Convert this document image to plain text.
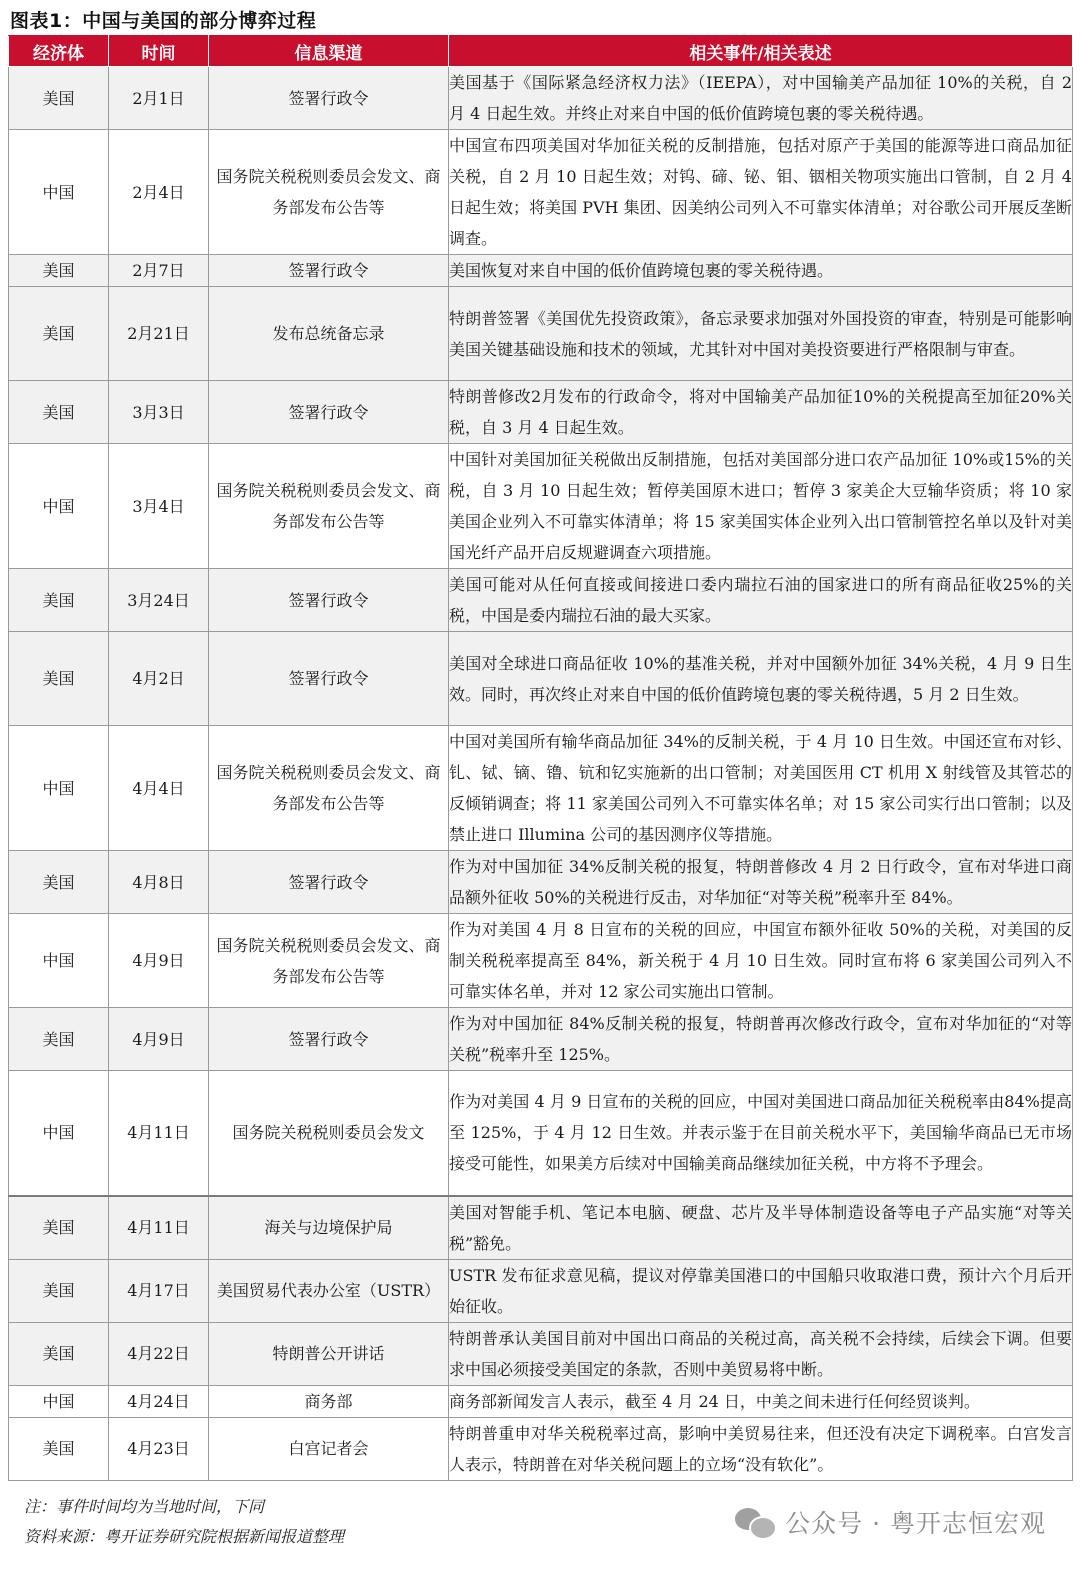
图表1：中国与美国的部分博弈过程
经济体	时间	信息渠道	相关事件/相关表述
美国	2月1日	签署行政令	美国基于《国际紧急经济权力法》（IEEPA），对中国输美产品加征 10%的关税，自 2 月 4 日起生效。并终止对来自中国的低价值跨境包裹的零关税待遇。
中国	2月4日	国务院关税税则委员会发文、商务部发布公告等	中国宣布四项美国对华加征关税的反制措施，包括对原产于美国的能源等进口商品加征关税，自 2 月 10 日起生效；对钨、碲、铋、钼、铟相关物项实施出口管制，自 2 月 4 日起生效；将美国 PVH 集团、因美纳公司列入不可靠实体清单；对谷歌公司开展反垄断调查。
美国	2月7日	签署行政令	美国恢复对来自中国的低价值跨境包裹的零关税待遇。
美国	2月21日	发布总统备忘录	特朗普签署《美国优先投资政策》，备忘录要求加强对外国投资的审查，特别是可能影响美国关键基础设施和技术的领域，尤其针对中国对美投资要进行严格限制与审查。
美国	3月3日	签署行政令	特朗普修改2月发布的行政命令，将对中国输美产品加征10%的关税提高至加征20%关税，自 3 月 4 日起生效。
中国	3月4日	国务院关税税则委员会发文、商务部发布公告等	中国针对美国加征关税做出反制措施，包括对美国部分进口农产品加征 10%或15%的关税，自 3 月 10 日起生效；暂停美国原木进口；暂停 3 家美企大豆输华资质；将 10 家美国企业列入不可靠实体清单；将 15 家美国实体企业列入出口管制管控名单以及针对美国光纤产品开启反规避调查六项措施。
美国	3月24日	签署行政令	美国可能对从任何直接或间接进口委内瑞拉石油的国家进口的所有商品征收25%的关税，中国是委内瑞拉石油的最大买家。
美国	4月2日	签署行政令	美国对全球进口商品征收 10%的基准关税，并对中国额外加征 34%关税，4 月 9 日生效。同时，再次终止对来自中国的低价值跨境包裹的零关税待遇，5 月 2 日生效。
中国	4月4日	国务院关税税则委员会发文、商务部发布公告等	中国对美国所有输华商品加征 34%的反制关税，于 4 月 10 日生效。中国还宣布对钐、钆、铽、镝、镥、钪和钇实施新的出口管制；对美国医用 CT 机用 X 射线管及其管芯的反倾销调查；将 11 家美国公司列入不可靠实体名单；对 15 家公司实行出口管制；以及禁止进口 Illumina 公司的基因测序仪等措施。
美国	4月8日	签署行政令	作为对中国加征 34%反制关税的报复，特朗普修改 4 月 2 日行政令，宣布对华进口商品额外征收 50%的关税进行反击，对华加征“对等关税”税率升至 84%。
中国	4月9日	国务院关税税则委员会发文、商务部发布公告等	作为对美国 4 月 8 日宣布的关税的回应，中国宣布额外征收 50%的关税，对美国的反制关税税率提高至 84%，新关税于 4 月 10 日生效。同时宣布将 6 家美国公司列入不可靠实体名单，并对 12 家公司实施出口管制。
美国	4月9日	签署行政令	作为对中国加征 84%反制关税的报复，特朗普再次修改行政令，宣布对华加征的“对等关税”税率升至 125%。
中国	4月11日	国务院关税税则委员会发文	作为对美国 4 月 9 日宣布的关税的回应，中国对美国进口商品加征关税税率由84%提高至 125%，于 4 月 12 日生效。并表示鉴于在目前关税水平下，美国输华商品已无市场接受可能性，如果美方后续对中国输美商品继续加征关税，中方将不予理会。
美国	4月11日	海关与边境保护局	美国对智能手机、笔记本电脑、硬盘、芯片及半导体制造设备等电子产品实施“对等关税”豁免。
美国	4月17日	美国贸易代表办公室（USTR）	USTR 发布征求意见稿，提议对停靠美国港口的中国船只收取港口费，预计六个月后开始征收。
美国	4月22日	特朗普公开讲话	特朗普承认美国目前对中国出口商品的关税过高，高关税不会持续，后续会下调。但要求中国必须接受美国定的条款，否则中美贸易将中断。
中国	4月24日	商务部	商务部新闻发言人表示，截至 4 月 24 日，中美之间未进行任何经贸谈判。
美国	4月23日	白宫记者会	特朗普重申对华关税税率过高，影响中美贸易往来，但还没有决定下调税率。白宫发言人表示，特朗普在对华关税问题上的立场“没有软化”。
注：事件时间均为当地时间，下同
资料来源：粤开证券研究院根据新闻报道整理	公众号 · 粤开志恒宏观
